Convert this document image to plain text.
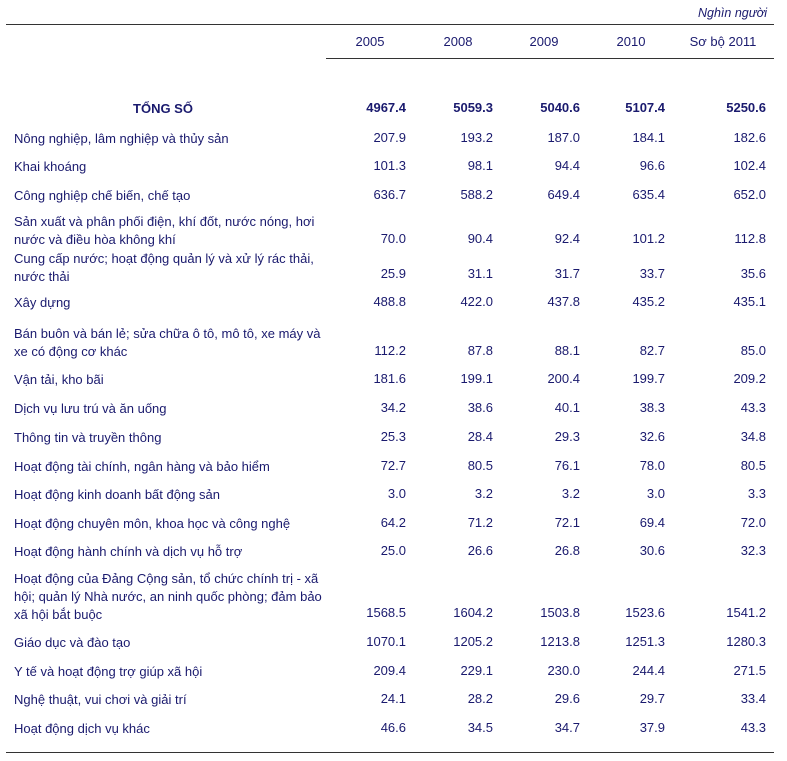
Nghìn người
2005	2008	2009	2010	Sơ bộ 2011
TỔNG SỐ	4967.4	5059.3	5040.6	5107.4	5250.6
Nông nghiệp, lâm nghiệp và thủy sản	207.9	193.2	187.0	184.1	182.6
Khai khoáng	101.3	98.1	94.4	96.6	102.4
Công nghiệp chế biến, chế tạo	636.7	588.2	649.4	635.4	652.0
Sản xuất và phân phối điện, khí đốt, nước nóng, hơi nước và điều hòa không khí	70.0	90.4	92.4	101.2	112.8
Cung cấp nước; hoạt động quản lý và xử lý rác thải, nước thải	25.9	31.1	31.7	33.7	35.6
Xây dựng	488.8	422.0	437.8	435.2	435.1
Bán buôn và bán lẻ; sửa chữa ô tô, mô tô, xe máy và xe có động cơ khác	112.2	87.8	88.1	82.7	85.0
Vận tải, kho bãi	181.6	199.1	200.4	199.7	209.2
Dịch vụ lưu trú và ăn uống	34.2	38.6	40.1	38.3	43.3
Thông tin và truyền thông	25.3	28.4	29.3	32.6	34.8
Hoạt động tài chính, ngân hàng và bảo hiểm	72.7	80.5	76.1	78.0	80.5
Hoạt động kinh doanh bất động sản	3.0	3.2	3.2	3.0	3.3
Hoạt động chuyên môn, khoa học và công nghệ	64.2	71.2	72.1	69.4	72.0
Hoạt động hành chính và dịch vụ hỗ trợ	25.0	26.6	26.8	30.6	32.3
Hoạt động của Đảng Cộng sản, tổ chức chính trị - xã hội; quản lý Nhà nước, an ninh quốc phòng; đảm bảo xã hội bắt buộc	1568.5	1604.2	1503.8	1523.6	1541.2
Giáo dục và đào tạo	1070.1	1205.2	1213.8	1251.3	1280.3
Y tế và hoạt động trợ giúp xã hội	209.4	229.1	230.0	244.4	271.5
Nghệ thuật, vui chơi và giải trí	24.1	28.2	29.6	29.7	33.4
Hoạt động dịch vụ khác	46.6	34.5	34.7	37.9	43.3
